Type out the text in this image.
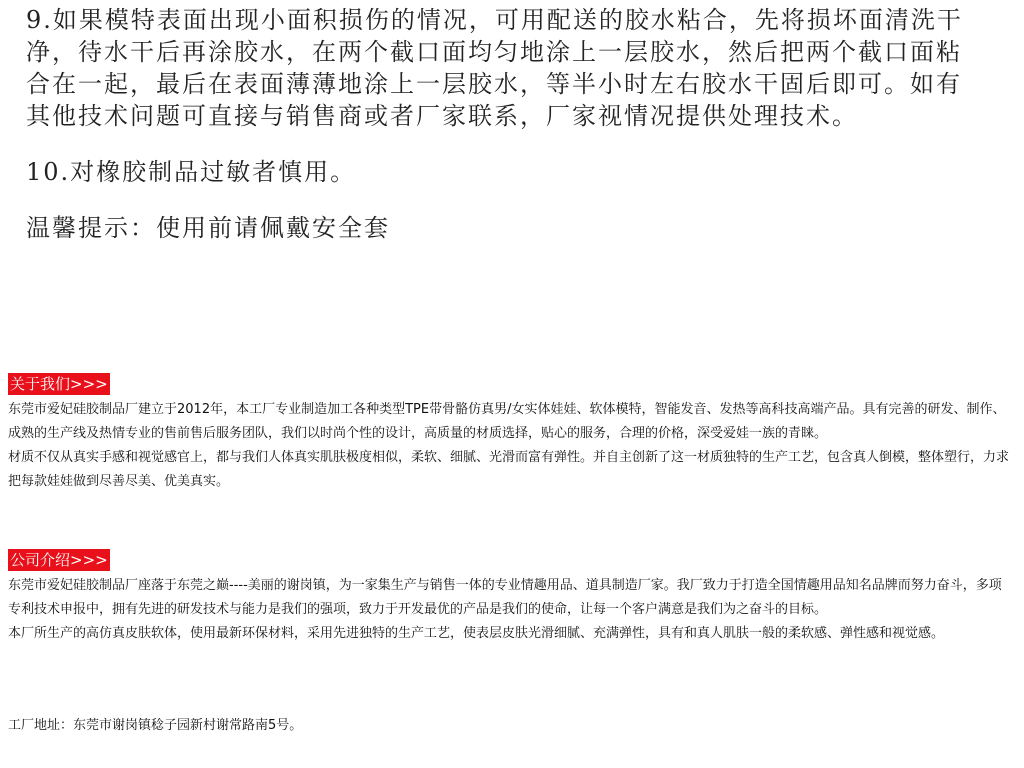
9.如果模特表面出现小面积损伤的情况，可用配送的胶水粘合，先将损坏面清洗干净，待水干后再涂胶水，在两个截口面均匀地涂上一层胶水，然后把两个截口面粘合在一起，最后在表面薄薄地涂上一层胶水，等半小时左右胶水干固后即可。如有其他技术问题可直接与销售商或者厂家联系，厂家视情况提供处理技术。

10.对橡胶制品过敏者慎用。

温馨提示：使用前请佩戴安全套

关于我们>>>

东莞市爱妃硅胶制品厂建立于2012年，本工厂专业制造加工各种类型TPE带骨骼仿真男/女实体娃娃、软体模特，智能发音、发热等高科技高端产品。具有完善的研发、制作、成熟的生产线及热情专业的售前售后服务团队，我们以时尚个性的设计，高质量的材质选择，贴心的服务，合理的价格，深受爱娃一族的青睐。

材质不仅从真实手感和视觉感官上，都与我们人体真实肌肤极度相似，柔软、细腻、光滑而富有弹性。并自主创新了这一材质独特的生产工艺，包含真人倒模，整体塑行，力求把每款娃娃做到尽善尽美、优美真实。

公司介绍>>>

东莞市爱妃硅胶制品厂座落于东莞之巅----美丽的谢岗镇，为一家集生产与销售一体的专业情趣用品、道具制造厂家。我厂致力于打造全国情趣用品知名品牌而努力奋斗，多项专利技术申报中，拥有先进的研发技术与能力是我们的强项，致力于开发最优的产品是我们的使命，让每一个客户满意是我们为之奋斗的目标。

本厂所生产的高仿真皮肤软体，使用最新环保材料，采用先进独特的生产工艺，使表层皮肤光滑细腻、充满弹性，具有和真人肌肤一般的柔软感、弹性感和视觉感。

工厂地址：东莞市谢岗镇稔子园新村谢常路南5号。
